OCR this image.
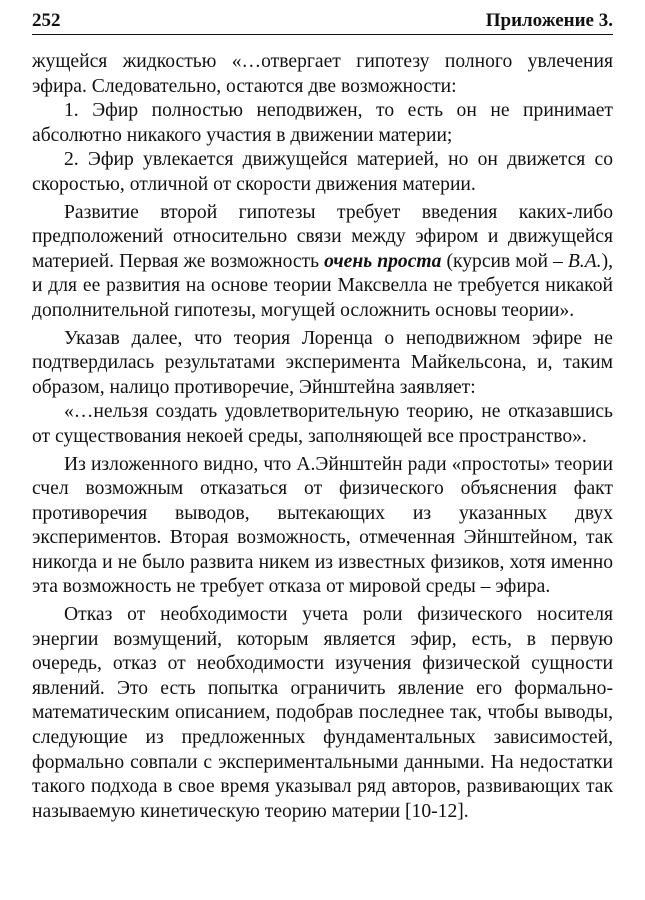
252	Приложение 3.

жущейся жидкостью «…отвергает гипотезу полного увлечения эфира. Следовательно, остаются две возможности:

1. Эфир полностью неподвижен, то есть он не принимает абсолютно никакого участия в движении материи;

2. Эфир увлекается движущейся материей, но он движется со скоростью, отличной от скорости движения материи.

Развитие второй гипотезы требует введения каких-либо предположений относительно связи между эфиром и движущейся материей. Первая же возможность очень проста (курсив мой – В.А.), и для ее развития на основе теории Максвелла не требуется никакой дополнительной гипотезы, могущей осложнить основы теории».

Указав далее, что теория Лоренца о неподвижном эфире не подтвердилась результатами эксперимента Майкельсона, и, таким образом, налицо противоречие, Эйнштейна заявляет:

«…нельзя создать удовлетворительную теорию, не отказавшись от существования некоей среды, заполняющей все пространство».

Из изложенного видно, что А.Эйнштейн ради «простоты» теории счел возможным отказаться от физического объяснения факт противоречия выводов, вытекающих из указанных двух экспериментов. Вторая возможность, отмеченная Эйнштейном, так никогда и не было развита никем из известных физиков, хотя именно эта возможность не требует отказа от мировой среды – эфира.

Отказ от необходимости учета роли физического носителя энергии возмущений, которым является эфир, есть, в первую очередь, отказ от необходимости изучения физической сущности явлений. Это есть попытка ограничить явление его формально-математическим описанием, подобрав последнее так, чтобы выводы, следующие из предложенных фундаментальных зависимостей, формально совпали с экспериментальными данными. На недостатки такого подхода в свое время указывал ряд авторов, развивающих так называемую кинетическую теорию материи [10-12].
